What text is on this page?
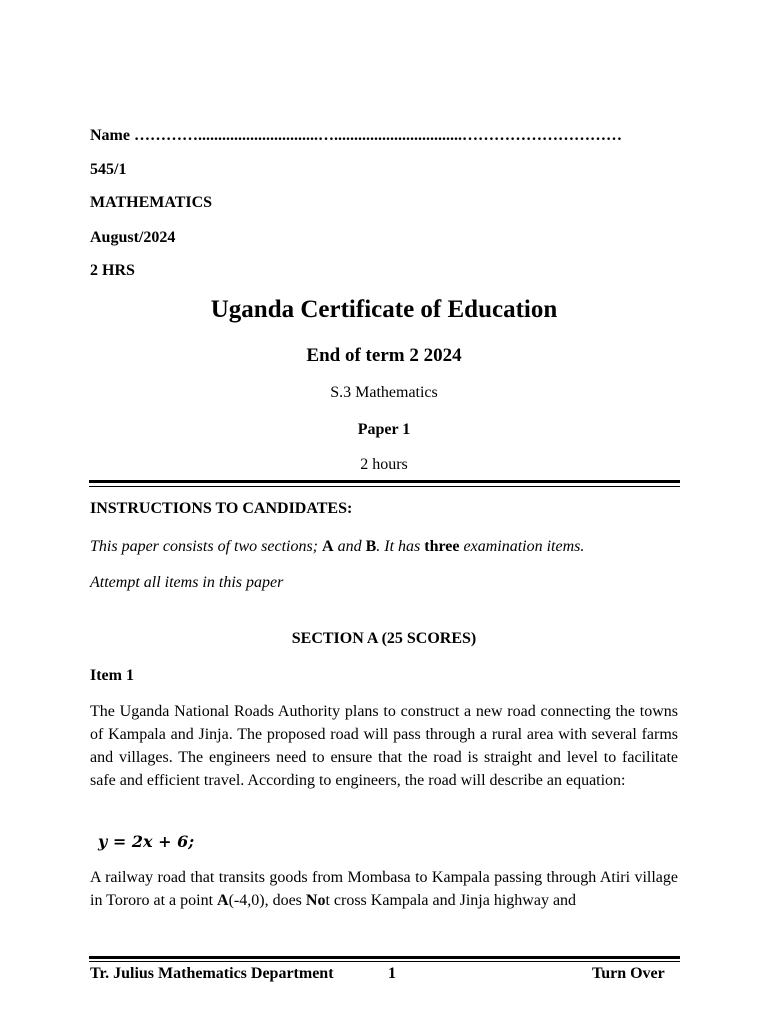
Name …………..............................…................................…………………………
545/1
MATHEMATICS
August/2024
2 HRS
Uganda Certificate of Education
End of term 2 2024
S.3 Mathematics
Paper 1
2 hours
INSTRUCTIONS TO CANDIDATES:
This paper consists of two sections; A and B. It has three examination items.
Attempt all items in this paper
SECTION A (25 SCORES)
Item 1
The Uganda National Roads Authority plans to construct a new road connecting the towns of Kampala and Jinja. The proposed road will pass through a rural area with several farms and villages. The engineers need to ensure that the road is straight and level to facilitate safe and efficient travel. According to engineers, the road will describe an equation:
y = 2x + 6;
A railway road that transits goods from Mombasa to Kampala passing through Atiri village in Tororo at a point A(-4,0), does Not cross Kampala and Jinja highway and
Tr. Julius Mathematics Department	1	Turn Over
